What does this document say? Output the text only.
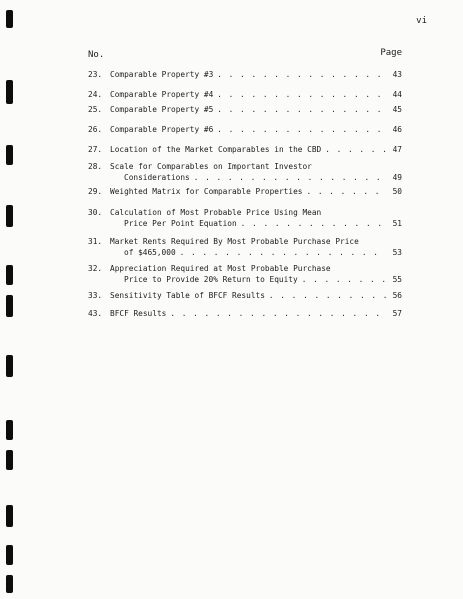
vi
No.	Page
23. Comparable Property #3 . . .	43
24. Comparable Property #4 . . .	44
25. Comparable Property #5 . . .	45
26. Comparable Property #6 . . .	46
27. Location of the Market Comparables in the CBD . . .	47
28. Scale for Comparables on Important Investor
Considerations . . .	49
29. Weighted Matrix for Comparable Properties . . .	50
30. Calculation of Most Probable Price Using Mean
Price Per Point Equation . . .	51
31. Market Rents Required By Most Probable Purchase Price
of $465,000 . . .	53
32. Appreciation Required at Most Probable Purchase
Price to Provide 20% Return to Equity . . .	55
33. Sensitivity Table of BFCF Results . . .	56
43. BFCF Results . . .	57
